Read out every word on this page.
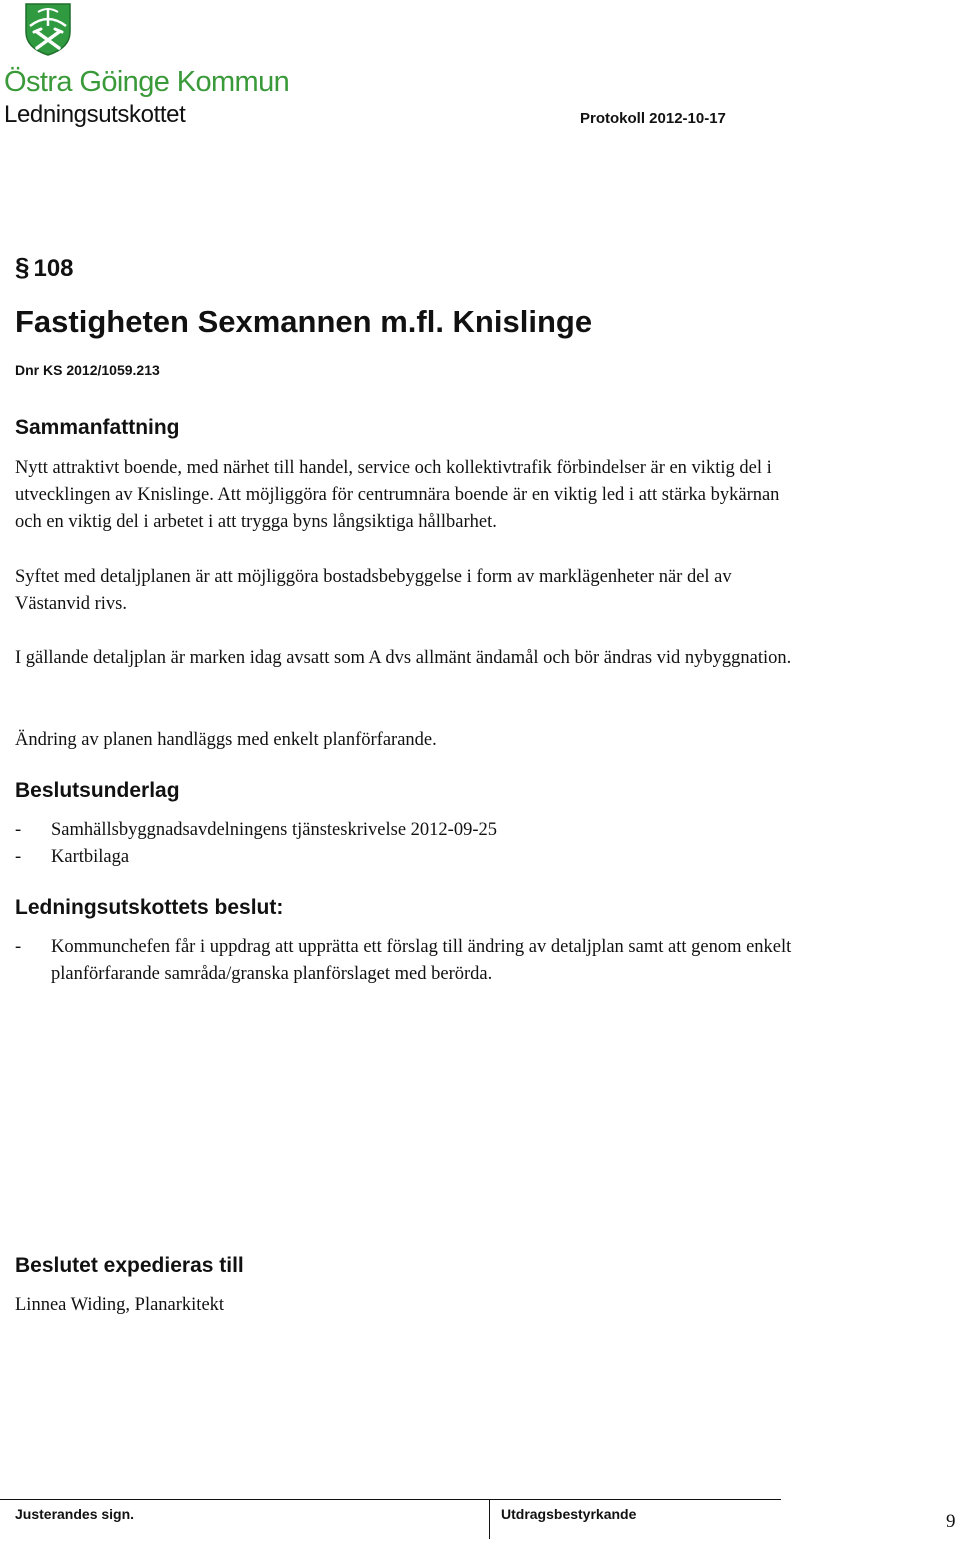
Östra Göinge Kommun
Ledningsutskottet	Protokoll 2012-10-17
§ 108
Fastigheten Sexmannen m.fl. Knislinge
Dnr KS 2012/1059.213
Sammanfattning
Nytt attraktivt boende, med närhet till handel, service och kollektivtrafik förbindelser är en viktig del i utvecklingen av Knislinge. Att möjliggöra för centrumnära boende är en viktig led i att stärka bykärnan och en viktig del i arbetet i att trygga byns långsiktiga hållbarhet.
Syftet med detaljplanen är att möjliggöra bostadsbebyggelse i form av marklägenheter när del av Västanvid rivs.
I gällande detaljplan är marken idag avsatt som A dvs allmänt ändamål och bör ändras vid nybyggnation.
Ändring av planen handläggs med enkelt planförfarande.
Beslutsunderlag
-	Samhällsbyggnadsavdelningens tjänsteskrivelse 2012-09-25
-	Kartbilaga
Ledningsutskottets beslut:
-	Kommunchefen får i uppdrag att upprätta ett förslag till ändring av detaljplan samt att genom enkelt planförfarande samråda/granska planförslaget med berörda.
Beslutet expedieras till
Linnea Widing, Planarkitekt
Justerandes sign.	Utdragsbestyrkande	9
